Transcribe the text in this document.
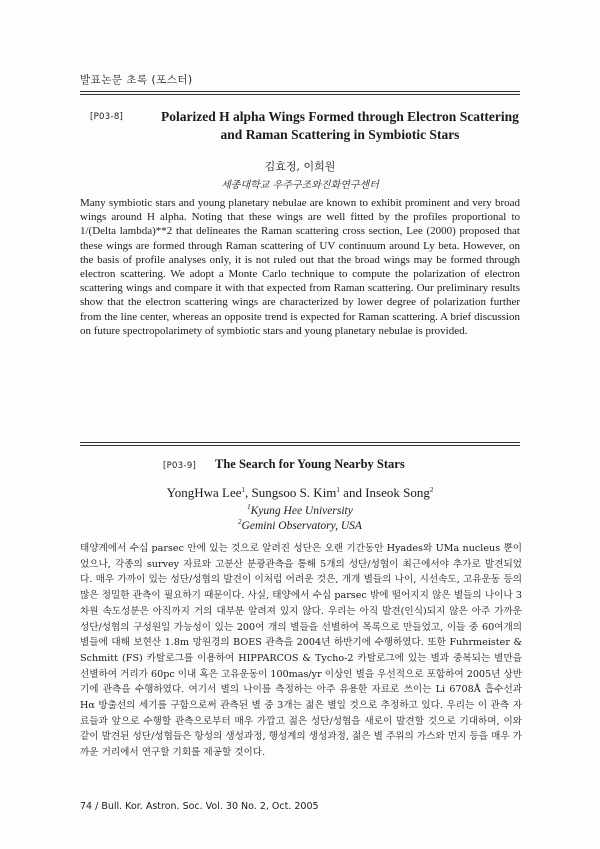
발표논문 초록 (포스터)
[P03-8]	Polarized H alpha Wings Formed through Electron Scattering and Raman Scattering in Symbiotic Stars
김효정, 이희원
세종대학교 우주구조와진화연구센터

Many symbiotic stars and young planetary nebulae are known to exhibit prominent and very broad wings around H alpha. Noting that these wings are well fitted by the profiles proportional to 1/(Delta lambda)**2 that delineates the Raman scattering cross section, Lee (2000) proposed that these wings are formed through Raman scattering of UV continuum around Ly beta. However, on the basis of profile analyses only, it is not ruled out that the broad wings may be formed through electron scattering. We adopt a Monte Carlo technique to compute the polarization of electron scattering wings and compare it with that expected from Raman scattering. Our preliminary results show that the electron scattering wings are characterized by lower degree of polarization further from the line center, whereas an opposite trend is expected for Raman scattering. A brief discussion on future spectropolarimety of symbiotic stars and young planetary nebulae is provided.

[P03-9] The Search for Young Nearby Stars
YongHwa Lee$^1$, Sungsoo S. Kim$^1$ and Inseok Song$^2$
$^1$Kyung Hee University
$^2$Gemini Observatory, USA

태양계에서 수십 parsec 안에 있는 것으로 알려진 성단은 오랜 기간동안 Hyades와 UMa nucleus 뿐이었으나, 각종의 survey 자료와 고분산 분광관측을 통해 5개의 성단/성협이 최근에서야 추가로 발견되었다. 매우 가까이 있는 성단/성협의 발견이 이처럼 어려운 것은, 개개 별들의 나이, 시선속도, 고유운동 등의 많은 정밀한 관측이 필요하기 때문이다. 사실, 태양에서 수십 parsec 밖에 떨어지지 않은 별들의 나이나 3차원 속도성분은 아직까지 거의 대부분 알려져 있지 않다. 우리는 아직 발견(인식)되지 않은 아주 가까운 성단/성협의 구성원일 가능성이 있는 200여 개의 별들을 선별하여 목록으로 만들었고, 이들 중 60여개의 별들에 대해 보현산 1.8m 망원경의 BOES 관측을 2004년 하반기에 수행하였다. 또한 Fuhrmeister & Schmitt (FS) 카탈로그를 이용하여 HIPPARCOS & Tycho-2 카탈로그에 있는 별과 중복되는 별만을 선별하여 거리가 60pc 이내 혹은 고유운동이 100mas/yr 이상인 별을 우선적으로 포함하여 2005년 상반기에 관측을 수행하였다. 여기서 별의 나이를 측정하는 아주 유용한 자료로 쓰이는 Li 6708Å 흡수선과 Hα 방출선의 세기를 구함으로써 관측된 별 중 3개는 젊은 별일 것으로 추정하고 있다. 우리는 이 관측 자료들과 앞으로 수행할 관측으로부터 매우 가깝고 젊은 성단/성협을 새로이 발견할 것으로 기대하며, 이와 같이 발견된 성단/성협들은 항성의 생성과정, 행성계의 생성과정, 젊은 별 주위의 가스와 먼지 등을 매우 가까운 거리에서 연구할 기회를 제공할 것이다.

74 / Bull. Kor. Astron. Soc. Vol. 30 No. 2, Oct. 2005
